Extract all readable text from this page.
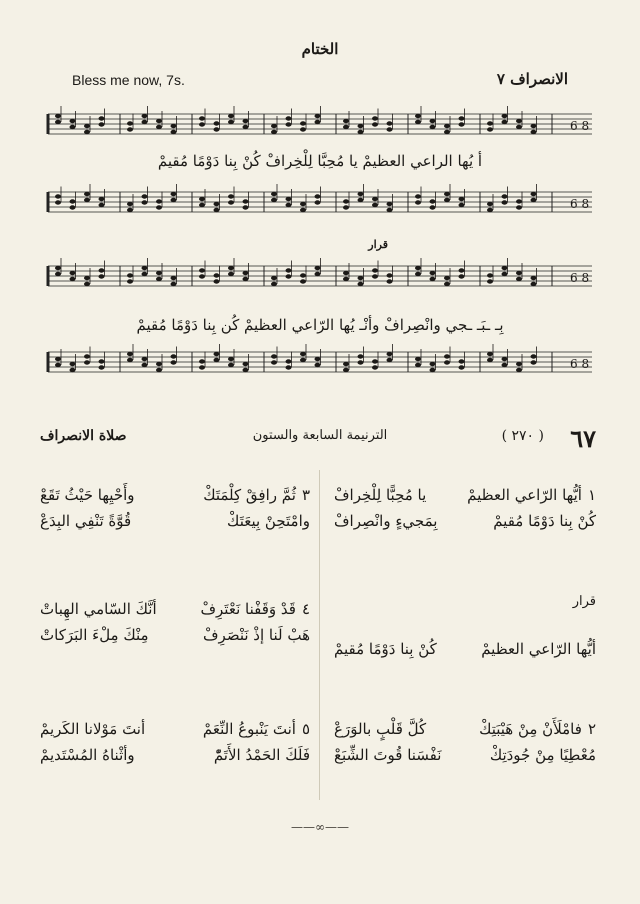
الختام
Bless me now, 7s.	الانصراف ٧
6 8
6 8
أ يُها الراعي العظيمْ يا مُحِبَّا لِلْخِرافْ كُنْ بِنا دَوْمًا مُقيمْ
قرار
6 8
6 8
بِـ ـبَـ ـجي وانْصِرافْ وأنْـ يُها الرّاعي العظيمْ كُن بِنا دَوْمًا مُقيمْ
٦٧
( ٢٧٠ )
الترنيمة السابعة والستون
صلاة الانصراف
١أيُّها الرّاعي العظيمْ
يا مُحِبًّا لِلْخِرافْ
كُنْ بِنا دَوْمًا مُقيمْ
بِمَجيءٍ وانْصِرافْ
٣ثُمَّ رافِقْ كِلْمَتَكْ
وأَحْيِها حَيْثُ تَقَعْ
وامْتَحِنْ بِيعَتَكْ
قُوَّةً تَنْفِي البِدَعْ
قرار
أيُّها الرّاعي العظيمْ
كُنْ بِنا دَوْمًا مُقيمْ
٤قَدْ وَقَفْنا نَعْتَرِفْ
أنَّكَ السّامي الهِباتْ
هَبْ لَنا إذْ نَنْصَرِفْ
مِنْكَ مِلْءَ البَرَكاتْ
٢فامْلَأَنْ مِنْ هَيْبَتِكْ
كُلَّ قَلْبٍ بالوَرَعْ
مُعْطِيًا مِنْ جُودَتِكْ
نَفْسَنا قُوتَ الشِّبَعْ
٥أنتَ يَنْبوعُ النِّعَمْ
أنتَ مَوْلانا الكَريمْ
فَلَكَ الحَمْدُ الأَتَمّْ
وأثْناهُ المُسْتَديمْ
——∞——
